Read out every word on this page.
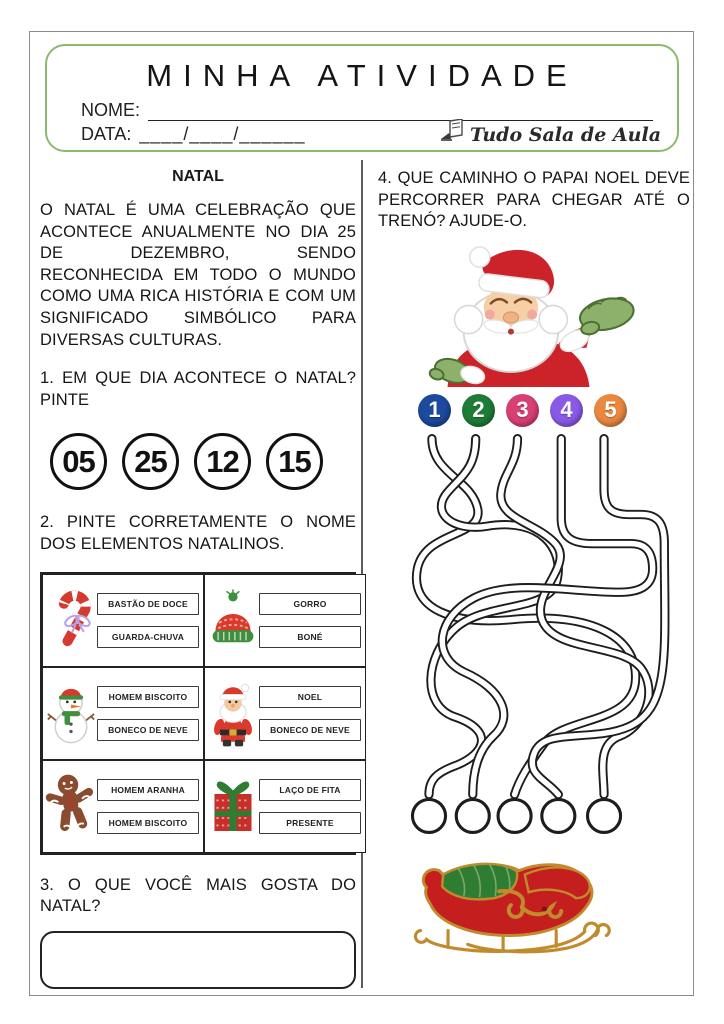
MINHA ATIVIDADE
NOME:
DATA: ____/____/______	Tudo Sala de Aula
NATAL

O NATAL É UMA CELEBRAÇÃO QUE ACONTECE ANUALMENTE NO DIA 25 DE DEZEMBRO, SENDO RECONHECIDA EM TODO O MUNDO COMO UMA RICA HISTÓRIA E COM UM SIGNIFICADO SIMBÓLICO PARA DIVERSAS CULTURAS.

1. EM QUE DIA ACONTECE O NATAL? PINTE

05	25	12	15

2. PINTE CORRETAMENTE O NOME DOS ELEMENTOS NATALINOS.

BASTÃO DE DOCE
GUARDA-CHUVA
GORRO
BONÉ
HOMEM BISCOITO
BONECO DE NEVE
NOEL
BONECO DE NEVE
HOMEM ARANHA
HOMEM BISCOITO
LAÇO DE FITA
PRESENTE

3. O QUE VOCÊ MAIS GOSTA DO NATAL?

4. QUE CAMINHO O PAPAI NOEL DEVE PERCORRER PARA CHEGAR ATÉ O TRENÓ? AJUDE-O.

1	2	3	4	5
